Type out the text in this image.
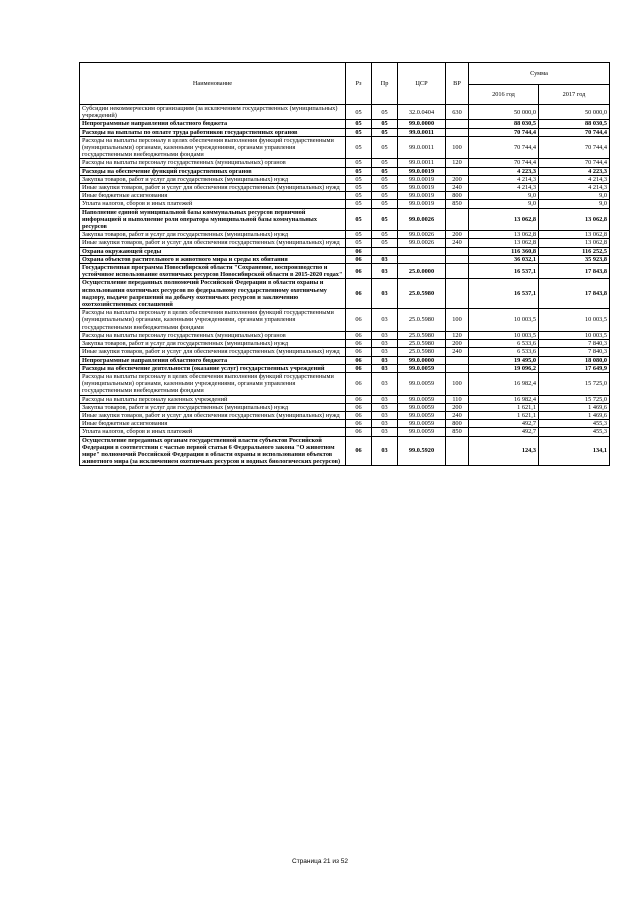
Наименование	Рз	Пр	ЦСР	ВР	Сумма	
					2016 год	2017 год
Субсидии некоммерческим организациям (за исключением государственных (муниципальных) учреждений)	05	05	32.0.0404	630	50 000,0	50 000,0
Непрограммные направления областного бюджета	05	05	99.0.0000		88 030,5	88 030,5
Расходы на выплаты по оплате труда работников государственных органов	05	05	99.0.0011		70 744,4	70 744,4
Расходы на выплаты персоналу в целях обеспечения выполнения функций государственными (муниципальными) органами, казенными учреждениями, органами управления государственными внебюджетными фондами	05	05	99.0.0011	100	70 744,4	70 744,4
Расходы на выплаты персоналу государственных (муниципальных) органов	05	05	99.0.0011	120	70 744,4	70 744,4
Расходы на обеспечение функций государственных органов	05	05	99.0.0019		4 223,3	4 223,3
Закупка товаров, работ и услуг для государственных (муниципальных) нужд	05	05	99.0.0019	200	4 214,3	4 214,3
Иные закупки товаров, работ и услуг для обеспечения государственных (муниципальных) нужд	05	05	99.0.0019	240	4 214,3	4 214,3
Иные бюджетные ассигнования	05	05	99.0.0019	800	9,0	9,0
Уплата налогов, сборов и иных платежей	05	05	99.0.0019	850	9,0	9,0
Наполнение единой муниципальной базы коммунальных ресурсов первичной информацией и выполнение роли оператора муниципальной базы коммунальных ресурсов	05	05	99.0.0026		13 062,8	13 062,8
Закупка товаров, работ и услуг для государственных (муниципальных) нужд	05	05	99.0.0026	200	13 062,8	13 062,8
Иные закупки товаров, работ и услуг для обеспечения государственных (муниципальных) нужд	05	05	99.0.0026	240	13 062,8	13 062,8
Охрана окружающей среды	06				116 360,8	116 252,5
Охрана объектов растительного и животного мира и среды их обитания	06	03			36 032,1	35 923,8
Государственная программа Новосибирской области "Сохранение, воспроизводство и устойчивое использование охотничьих ресурсов Новосибирской области в 2015-2020 годах"	06	03	25.0.0000		16 537,1	17 843,8
Осуществление переданных полномочий Российской Федерации в области охраны и использования охотничьих ресурсов по федеральному государственному охотничьему надзору, выдаче разрешений на добычу охотничьих ресурсов и заключению охотхозяйственных соглашений	06	03	25.0.5980		16 537,1	17 843,8
Расходы на выплаты персоналу в целях обеспечения выполнения функций государственными (муниципальными) органами, казенными учреждениями, органами управления государственными внебюджетными фондами	06	03	25.0.5980	100	10 003,5	10 003,5
Расходы на выплаты персоналу государственных (муниципальных) органов	06	03	25.0.5980	120	10 003,5	10 003,5
Закупка товаров, работ и услуг для государственных (муниципальных) нужд	06	03	25.0.5980	200	6 533,6	7 840,3
Иные закупки товаров, работ и услуг для обеспечения государственных (муниципальных) нужд	06	03	25.0.5980	240	6 533,6	7 840,3
Непрограммные направления областного бюджета	06	03	99.0.0000		19 495,0	18 080,0
Расходы на обеспечение деятельности (оказание услуг) государственных учреждений	06	03	99.0.0059		19 096,2	17 649,9
Расходы на выплаты персоналу в целях обеспечения выполнения функций государственными (муниципальными) органами, казенными учреждениями, органами управления государственными внебюджетными фондами	06	03	99.0.0059	100	16 982,4	15 725,0
Расходы на выплаты персоналу казенных учреждений	06	03	99.0.0059	110	16 982,4	15 725,0
Закупка товаров, работ и услуг для государственных (муниципальных) нужд	06	03	99.0.0059	200	1 621,1	1 469,6
Иные закупки товаров, работ и услуг для обеспечения государственных (муниципальных) нужд	06	03	99.0.0059	240	1 621,1	1 469,6
Иные бюджетные ассигнования	06	03	99.0.0059	800	492,7	455,3
Уплата налогов, сборов и иных платежей	06	03	99.0.0059	850	492,7	455,3
Осуществление переданных органам государственной власти субъектов Российской Федерации в соответствии с частью первой статьи 6 Федерального закона "О животном мире" полномочий Российской Федерации в области охраны и использования объектов животного мира (за исключением охотничьих ресурсов и водных биологических ресурсов)	06	03	99.0.5920		124,3	134,1
Страница 21 из 52
